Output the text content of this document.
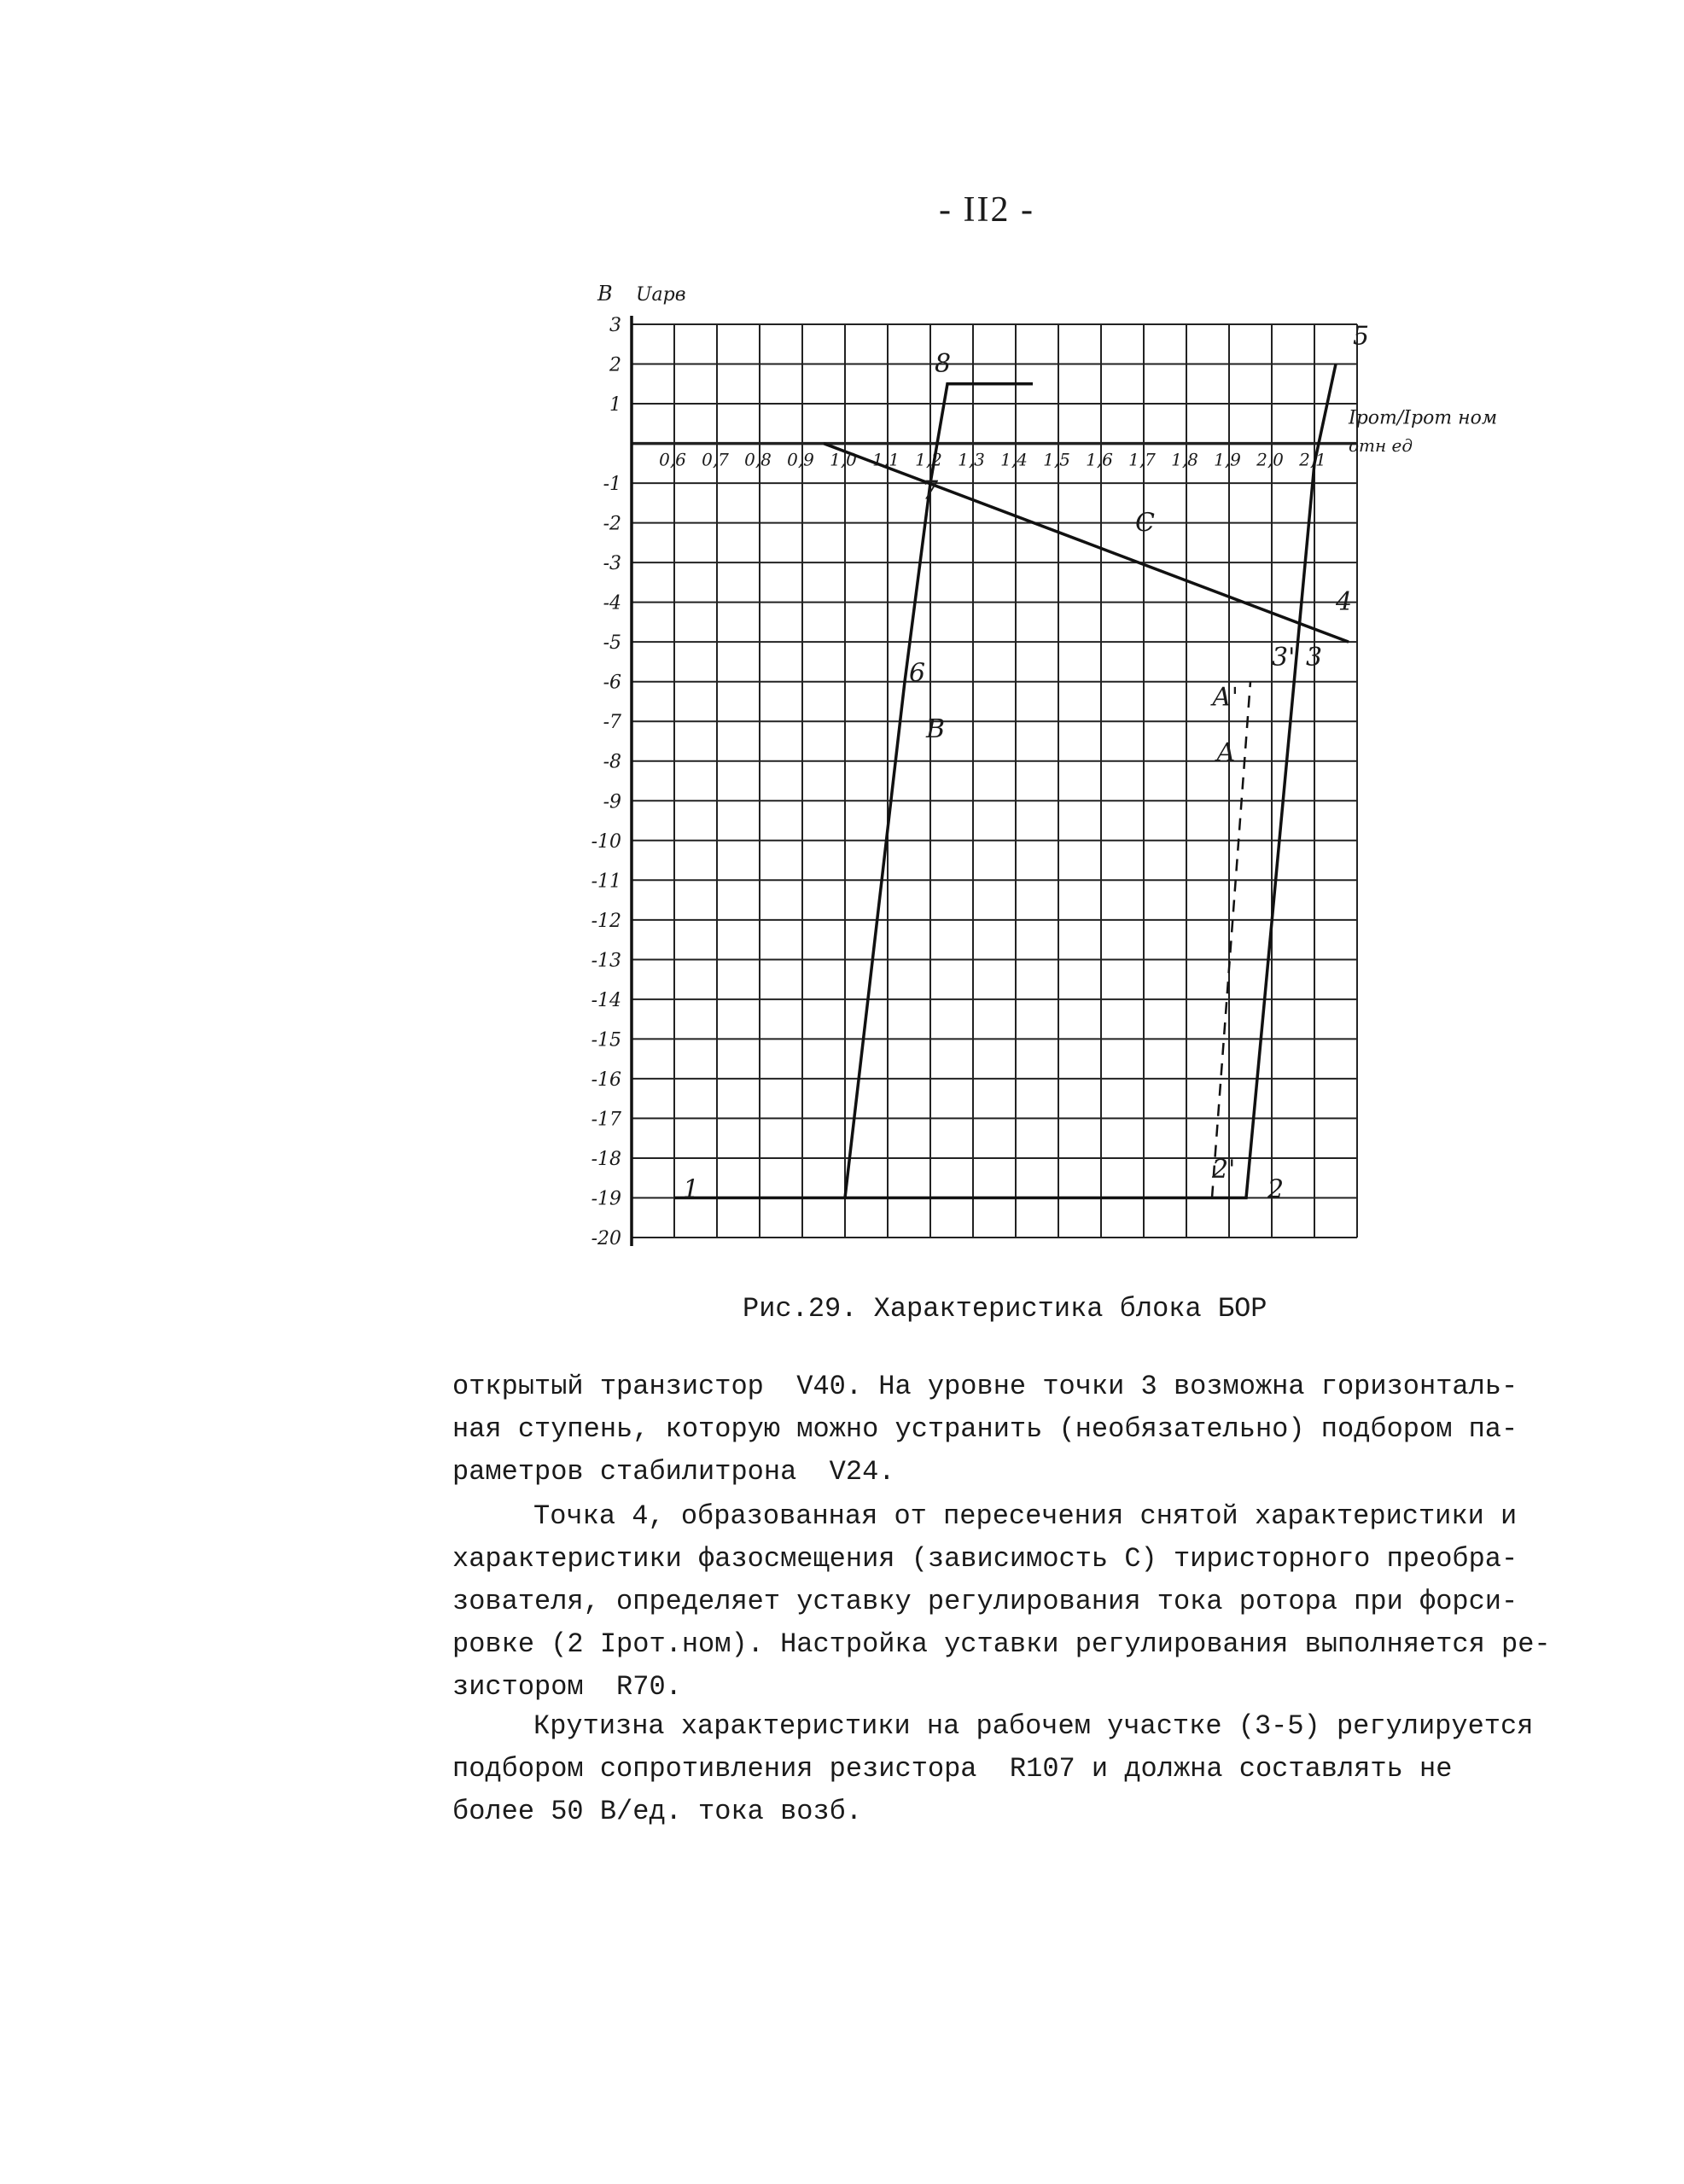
- II2 -
3
2
1
-1
-2
-3
-4
-5
-6
-7
-8
-9
-10
-11
-12
-13
-14
-15
-16
-17
-18
-19
-20
0,6 0,7 0,8 0,9 1,0 1,1 1,2 1,3 1,4 1,5 1,6 1,7 1,8 1,9 2,0 2,1
В Uарв
Iрот/Iрот ном
отн ед
1	2
2'
3
3'
4
5
6
7
8
А
А'
В
С
Рис.29. Характеристика блока БОР

открытый транзистор  V40. На уровне точки 3 возможна горизонталь-

ная ступень, которую можно устранить (необязательно) подбором па-

раметров стабилитрона  V24.

Точка 4, образованная от пересечения снятой характеристики и

характеристики фазосмещения (зависимость С) тиристорного преобра-

зователя, определяет уставку регулирования тока ротора при форси-

ровке (2 Iрот.ном). Настройка уставки регулирования выполняется ре-

зистором  R70.

Крутизна характеристики на рабочем участке (3-5) регулируется

подбором сопротивления резистора  R107 и должна составлять не

более 50 В/ед. тока возб.
